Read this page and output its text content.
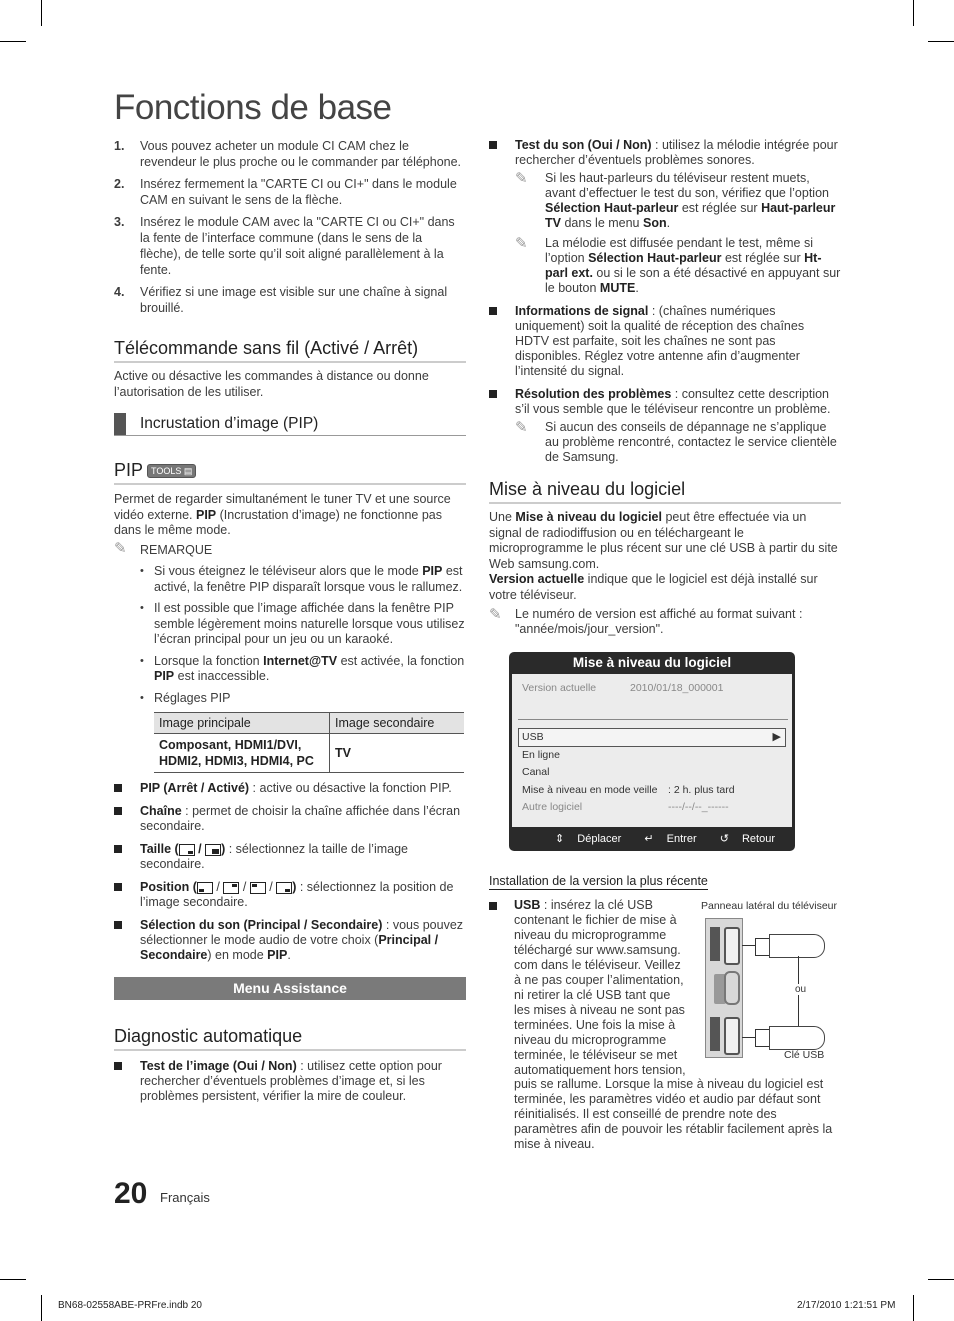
Fonctions de base
1. Vous pouvez acheter un module CI CAM chez le revendeur le plus proche ou le commander par téléphone.
2. Insérez fermement la "CARTE CI ou CI+" dans le module CAM en suivant le sens de la flèche.
3. Insérez le module CAM avec la "CARTE CI ou CI+" dans la fente de l’interface commune (dans le sens de la flèche), de telle sorte qu’il soit aligné parallèlement à la fente.
4. Vérifiez si une image est visible sur une chaîne à signal brouillé.
Télécommande sans fil (Activé / Arrêt)
Active ou désactive les commandes à distance ou donne l’autorisation de les utiliser.
Incrustation d’image (PIP)
PIP TOOLS ▤
Permet de regarder simultanément le tuner TV et une source vidéo externe. PIP (Incrustation d’image) ne fonctionne pas dans le même mode.
✎ REMARQUE
• Si vous éteignez le téléviseur alors que le mode PIP est activé, la fenêtre PIP disparaît lorsque vous le rallumez.
• Il est possible que l’image affichée dans la fenêtre PIP semble légèrement moins naturelle lorsque vous utilisez l’écran principal pour un jeu ou un karaoké.
• Lorsque la fonction Internet@TV est activée, la fonction PIP est inaccessible.
• Réglages PIP
Image principale	Image secondaire
Composant, HDMI1/DVI, HDMI2, HDMI3, HDMI4, PC	TV
PIP (Arrêt / Activé) : active ou désactive la fonction PIP.
Chaîne : permet de choisir la chaîne affichée dans l’écran secondaire.
Taille (
/
) : sélectionnez la taille de l’image secondaire.
Position (
/
/
/
) : sélectionnez la position de l’image secondaire.
Sélection du son (Principal / Secondaire) : vous pouvez sélectionner le mode audio de votre choix (Principal / Secondaire) en mode PIP.
Menu Assistance
Diagnostic automatique
Test de l’image (Oui / Non) : utilisez cette option pour rechercher d’éventuels problèmes d’image et, si les problèmes persistent, vérifier la mire de couleur.
Test du son (Oui / Non) : utilisez la mélodie intégrée pour rechercher d’éventuels problèmes sonores.
✎ Si les haut-parleurs du téléviseur restent muets, avant d’effectuer le test du son, vérifiez que l’option Sélection Haut-parleur est réglée sur Haut-parleur TV dans le menu Son.
✎ La mélodie est diffusée pendant le test, même si l’option Sélection Haut-parleur est réglée sur Ht-parl ext. ou si le son a été désactivé en appuyant sur le bouton MUTE.
Informations de signal : (chaînes numériques uniquement) soit la qualité de réception des chaînes HDTV est parfaite, soit les chaînes ne sont pas disponibles. Réglez votre antenne afin d’augmenter l’intensité du signal.
Résolution des problèmes : consultez cette description s’il vous semble que le téléviseur rencontre un problème.
✎ Si aucun des conseils de dépannage ne s’applique au problème rencontré, contactez le service clientèle de Samsung.
Mise à niveau du logiciel
Une Mise à niveau du logiciel peut être effectuée via un signal de radiodiffusion ou en téléchargeant le microprogramme le plus récent sur une clé USB à partir du site Web samsung.com.
Version actuelle indique que le logiciel est déjà installé sur votre téléviseur.
✎ Le numéro de version est affiché au format suivant : "année/mois/jour_version".
Mise à niveau du logiciel
Version actuelle	2010/01/18_000001
USB	▶
En ligne
Canal
Mise à niveau en mode veille : 2 h. plus tard
Autre logiciel	----/--/--_------
⇕ Déplacer ↵ Entrer ↺ Retour
Installation de la version la plus récente
USB : insérez la clé USB contenant le fichier de mise à niveau du microprogramme téléchargé sur www.samsung. com dans le téléviseur. Veillez à ne pas couper l’alimentation, ni retirer la clé USB tant que les mises à niveau ne sont pas terminées. Une fois la mise à niveau du microprogramme terminée, le téléviseur se met automatiquement hors tension,
puis se rallume. Lorsque la mise à niveau du logiciel est terminée, les paramètres vidéo et audio par défaut sont réinitialisés. Il est conseillé de prendre note des paramètres afin de pouvoir les rétablir facilement après la mise à niveau.
Panneau latéral du téléviseur
ou
Clé USB
20 Français
BN68-02558ABE-PRFre.indb 20	2/17/2010 1:21:51 PM
